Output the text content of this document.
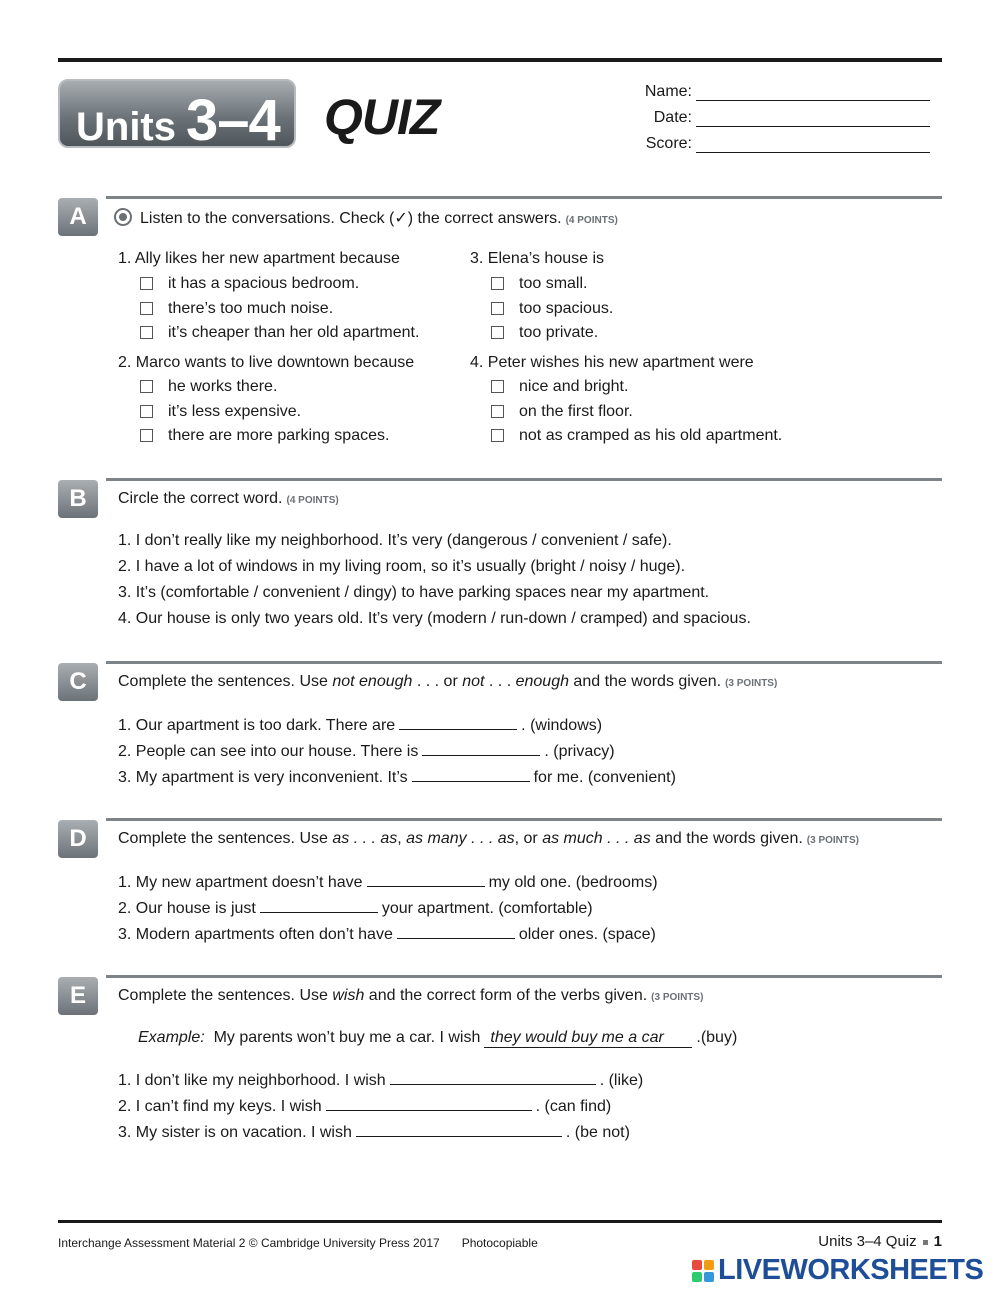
Units 3–4 QUIZ	Name:
Date:
Score:
A	Listen to the conversations. Check (✓) the correct answers. (4 POINTS)
1. Ally likes her new apartment because
it has a spacious bedroom.
there’s too much noise.
it’s cheaper than her old apartment.
2. Marco wants to live downtown because
he works there.
it’s less expensive.
there are more parking spaces.
3. Elena’s house is
too small.
too spacious.
too private.
4. Peter wishes his new apartment were
nice and bright.
on the first floor.
not as cramped as his old apartment.
B	Circle the correct word. (4 POINTS)
1. I don’t really like my neighborhood. It’s very (dangerous / convenient / safe).
2. I have a lot of windows in my living room, so it’s usually (bright / noisy / huge).
3. It’s (comfortable / convenient / dingy) to have parking spaces near my apartment.
4. Our house is only two years old. It’s very (modern / run-down / cramped) and spacious.
C	Complete the sentences. Use not enough . . . or not . . . enough and the words given. (3 POINTS)
1. Our apartment is too dark. There are	. (windows)
2. People can see into our house. There is	. (privacy)
3. My apartment is very inconvenient. It’s	for me. (convenient)
D	Complete the sentences. Use as . . . as, as many . . . as, or as much . . . as and the words given. (3 POINTS)
1. My new apartment doesn’t have	my old one. (bedrooms)
2. Our house is just	your apartment. (comfortable)
3. Modern apartments often don’t have	older ones. (space)
E	Complete the sentences. Use wish and the correct form of the verbs given. (3 POINTS)
Example: My parents won’t buy me a car. I wish they would buy me a car .(buy)
1. I don’t like my neighborhood. I wish	. (like)
2. I can’t find my keys. I wish	. (can find)
3. My sister is on vacation. I wish	. (be not)
Interchange Assessment Material 2 © Cambridge University Press 2017 Photocopiable	Units 3–4 Quiz 1
LIVEWORKSHEETS
